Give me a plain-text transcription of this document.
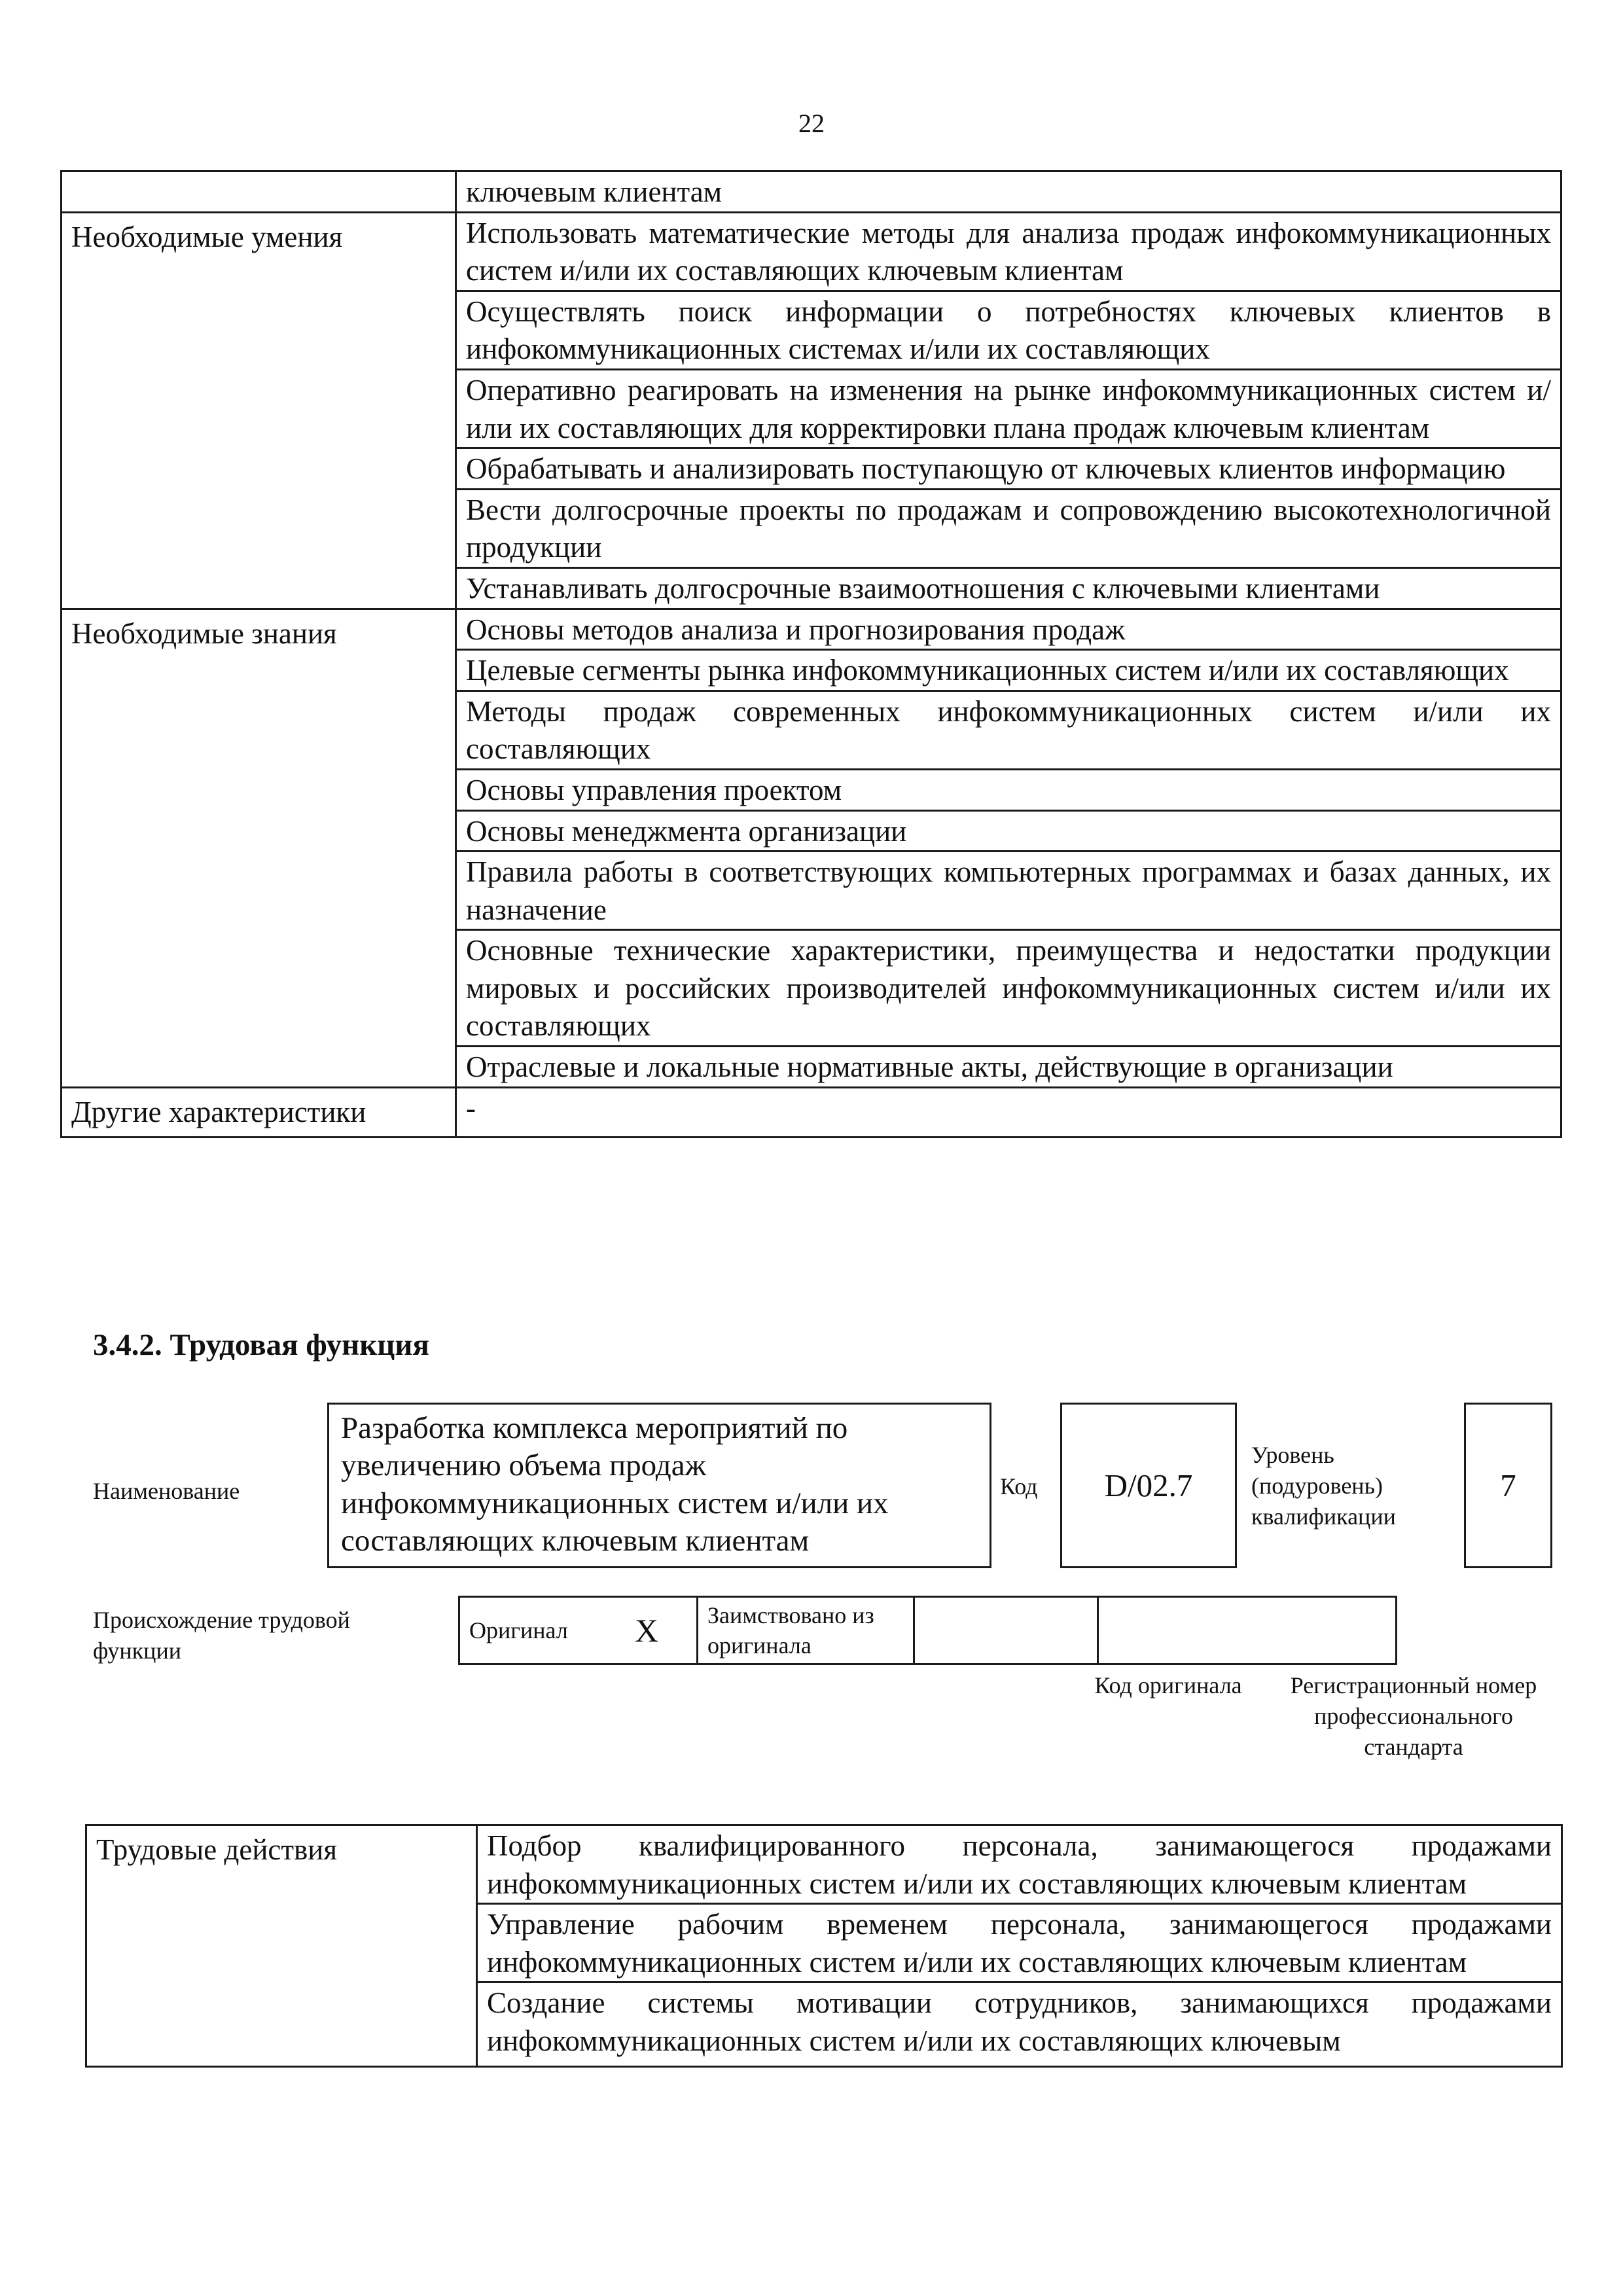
22
	ключевым клиентам
Необходимые умения	Использовать математические методы для анализа продаж инфокоммуникационных систем и/или их составляющих ключевым клиентам
	Осуществлять поиск информации о потребностях ключевых клиентов в инфокоммуникационных системах и/или их составляющих
	Оперативно реагировать на изменения на рынке инфокоммуникационных систем и/или их составляющих для корректировки плана продаж ключевым клиентам
	Обрабатывать и анализировать поступающую от ключевых клиентов информацию
	Вести долгосрочные проекты по продажам и сопровождению высокотехнологичной продукции
	Устанавливать долгосрочные взаимоотношения с ключевыми клиентами
Необходимые знания	Основы методов анализа и прогнозирования продаж
	Целевые сегменты рынка инфокоммуникационных систем и/или их составляющих
	Методы продаж современных инфокоммуникационных систем и/или их составляющих
	Основы управления проектом
	Основы менеджмента организации
	Правила работы в соответствующих компьютерных программах и базах данных, их назначение
	Основные технические характеристики, преимущества и недостатки продукции мировых и российских производителей инфокоммуникационных систем и/или их составляющих
	Отраслевые и локальные нормативные акты, действующие в организации
Другие характеристики	-
3.4.2. Трудовая функция
Наименование
Разработка комплекса мероприятий по увеличению объема продаж инфокоммуникационных систем и/или их составляющих ключевым клиентам
Код	D/02.7
Уровень (подуровень) квалификации
7
Происхождение трудовой функции
Оригинал	X	Заимствовано из оригинала		
Код оригинала	Регистрационный номер профессионального стандарта
Трудовые действия	Подбор квалифицированного персонала, занимающегося продажами инфокоммуникационных систем и/или их составляющих ключевым клиентам
Управление рабочим временем персонала, занимающегося продажами инфокоммуникационных систем и/или их составляющих ключевым клиентам
Создание системы мотивации сотрудников, занимающихся продажами инфокоммуникационных систем и/или их составляющих ключевым
